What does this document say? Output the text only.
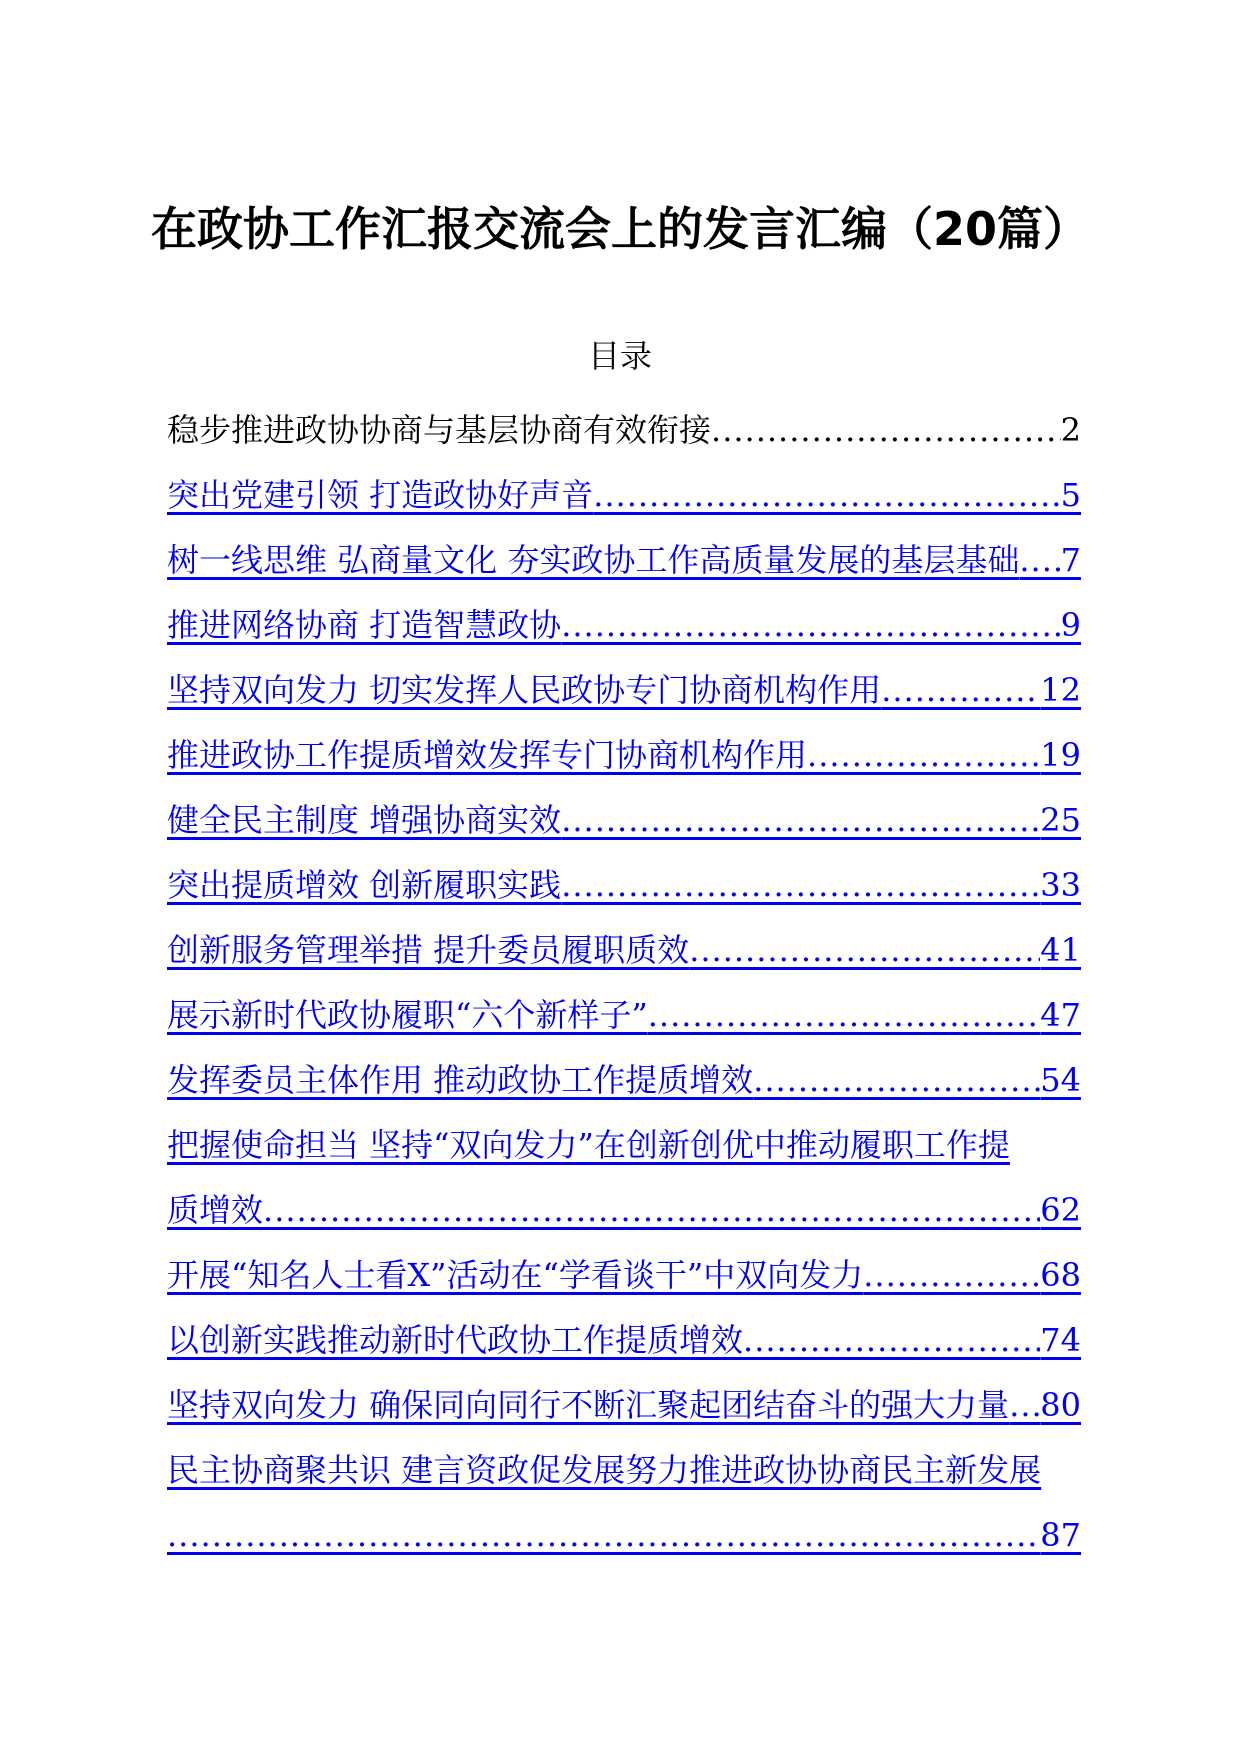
在政协工作汇报交流会上的发言汇编（20篇）
目录
稳步推进政协协商与基层协商有效衔接 .....	2
突出党建引领 打造政协好声音 .....	5
树一线思维 弘商量文化 夯实政协工作高质量发展的基层基础 ..... 7
推进网络协商 打造智慧政协 .....	9
坚持双向发力 切实发挥人民政协专门协商机构作用 .....	12
推进政协工作提质增效发挥专门协商机构作用 .....	19
健全民主制度 增强协商实效 .....	25
突出提质增效 创新履职实践 .....	33
创新服务管理举措 提升委员履职质效 .....	41
展示新时代政协履职“六个新样子” .....	47
发挥委员主体作用 推动政协工作提质增效 .....	54
把握使命担当 坚持“双向发力”在创新创优中推动履职工作提
质增效 .....	62
开展“知名人士看X”活动在“学看谈干”中双向发力 .....	68
以创新实践推动新时代政协工作提质增效 .....	74
坚持双向发力 确保同向同行不断汇聚起团结奋斗的强大力量 ..... 80
民主协商聚共识 建言资政促发展努力推进政协协商民主新发展
.....
87
